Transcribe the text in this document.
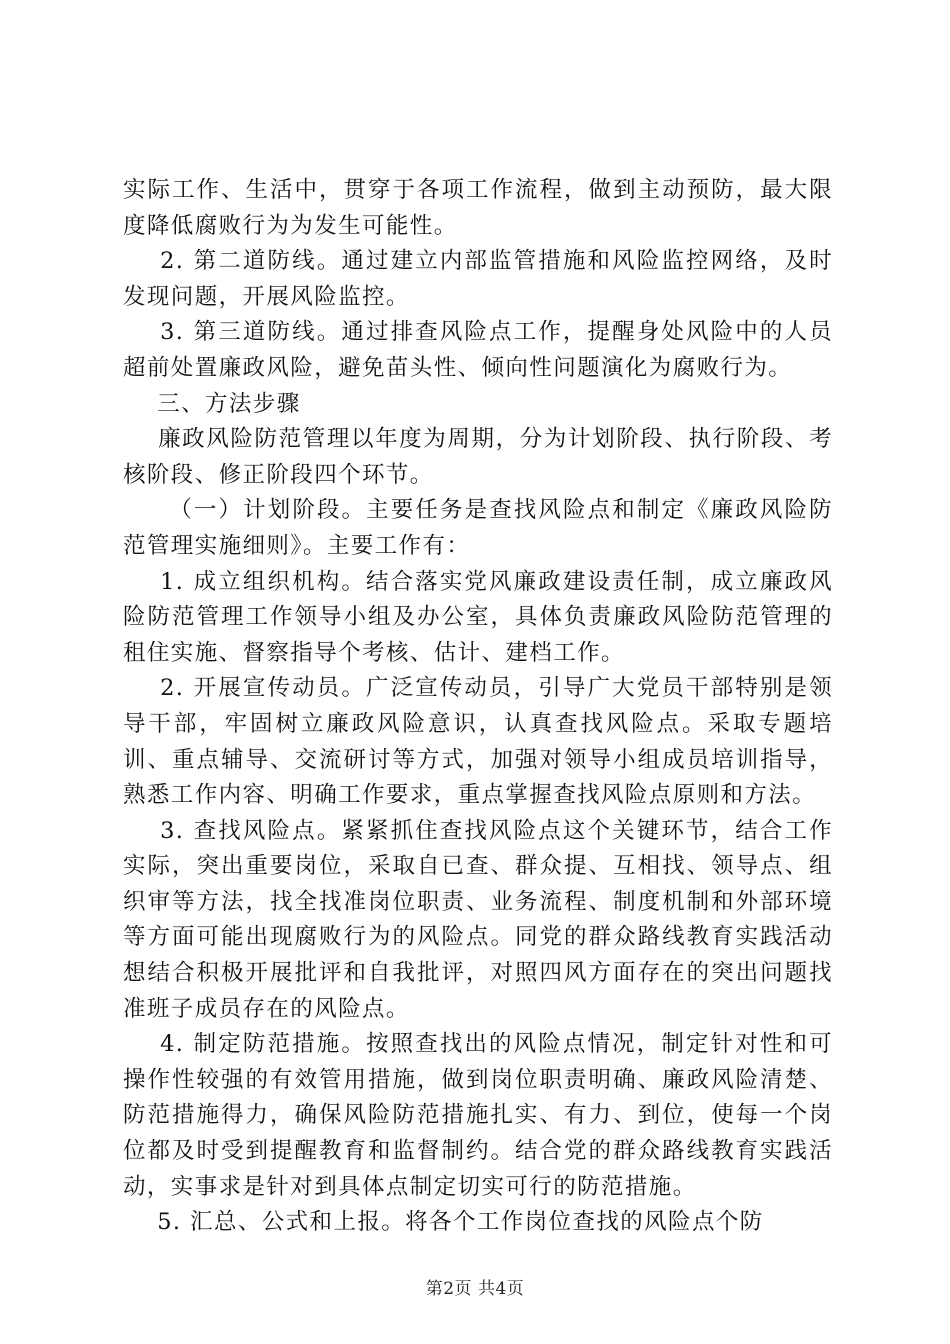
实际工作、生活中，贯穿于各项工作流程，做到主动预防，最大限度降低腐败行为为发生可能性。

2. 第二道防线。通过建立内部监管措施和风险监控网络，及时发现问题，开展风险监控。

3. 第三道防线。通过排查风险点工作，提醒身处风险中的人员超前处置廉政风险，避免苗头性、倾向性问题演化为腐败行为。

三、方法步骤

廉政风险防范管理以年度为周期，分为计划阶段、执行阶段、考核阶段、修正阶段四个环节。

（一）计划阶段。主要任务是查找风险点和制定《廉政风险防范管理实施细则》。主要工作有：

1. 成立组织机构。结合落实党风廉政建设责任制，成立廉政风险防范管理工作领导小组及办公室，具体负责廉政风险防范管理的租住实施、督察指导个考核、估计、建档工作。

2. 开展宣传动员。广泛宣传动员，引导广大党员干部特别是领导干部，牢固树立廉政风险意识，认真查找风险点。采取专题培训、重点辅导、交流研讨等方式，加强对领导小组成员培训指导，熟悉工作内容、明确工作要求，重点掌握查找风险点原则和方法。

3. 查找风险点。紧紧抓住查找风险点这个关键环节，结合工作实际，突出重要岗位，采取自已查、群众提、互相找、领导点、组织审等方法，找全找准岗位职责、业务流程、制度机制和外部环境等方面可能出现腐败行为的风险点。同党的群众路线教育实践活动想结合积极开展批评和自我批评，对照四风方面存在的突出问题找准班子成员存在的风险点。

4. 制定防范措施。按照查找出的风险点情况，制定针对性和可操作性较强的有效管用措施，做到岗位职责明确、廉政风险清楚、防范措施得力，确保风险防范措施扎实、有力、到位，使每一个岗位都及时受到提醒教育和监督制约。结合党的群众路线教育实践活动，实事求是针对到具体点制定切实可行的防范措施。

5. 汇总、公式和上报。将各个工作岗位查找的风险点个防

第2页 共4页
